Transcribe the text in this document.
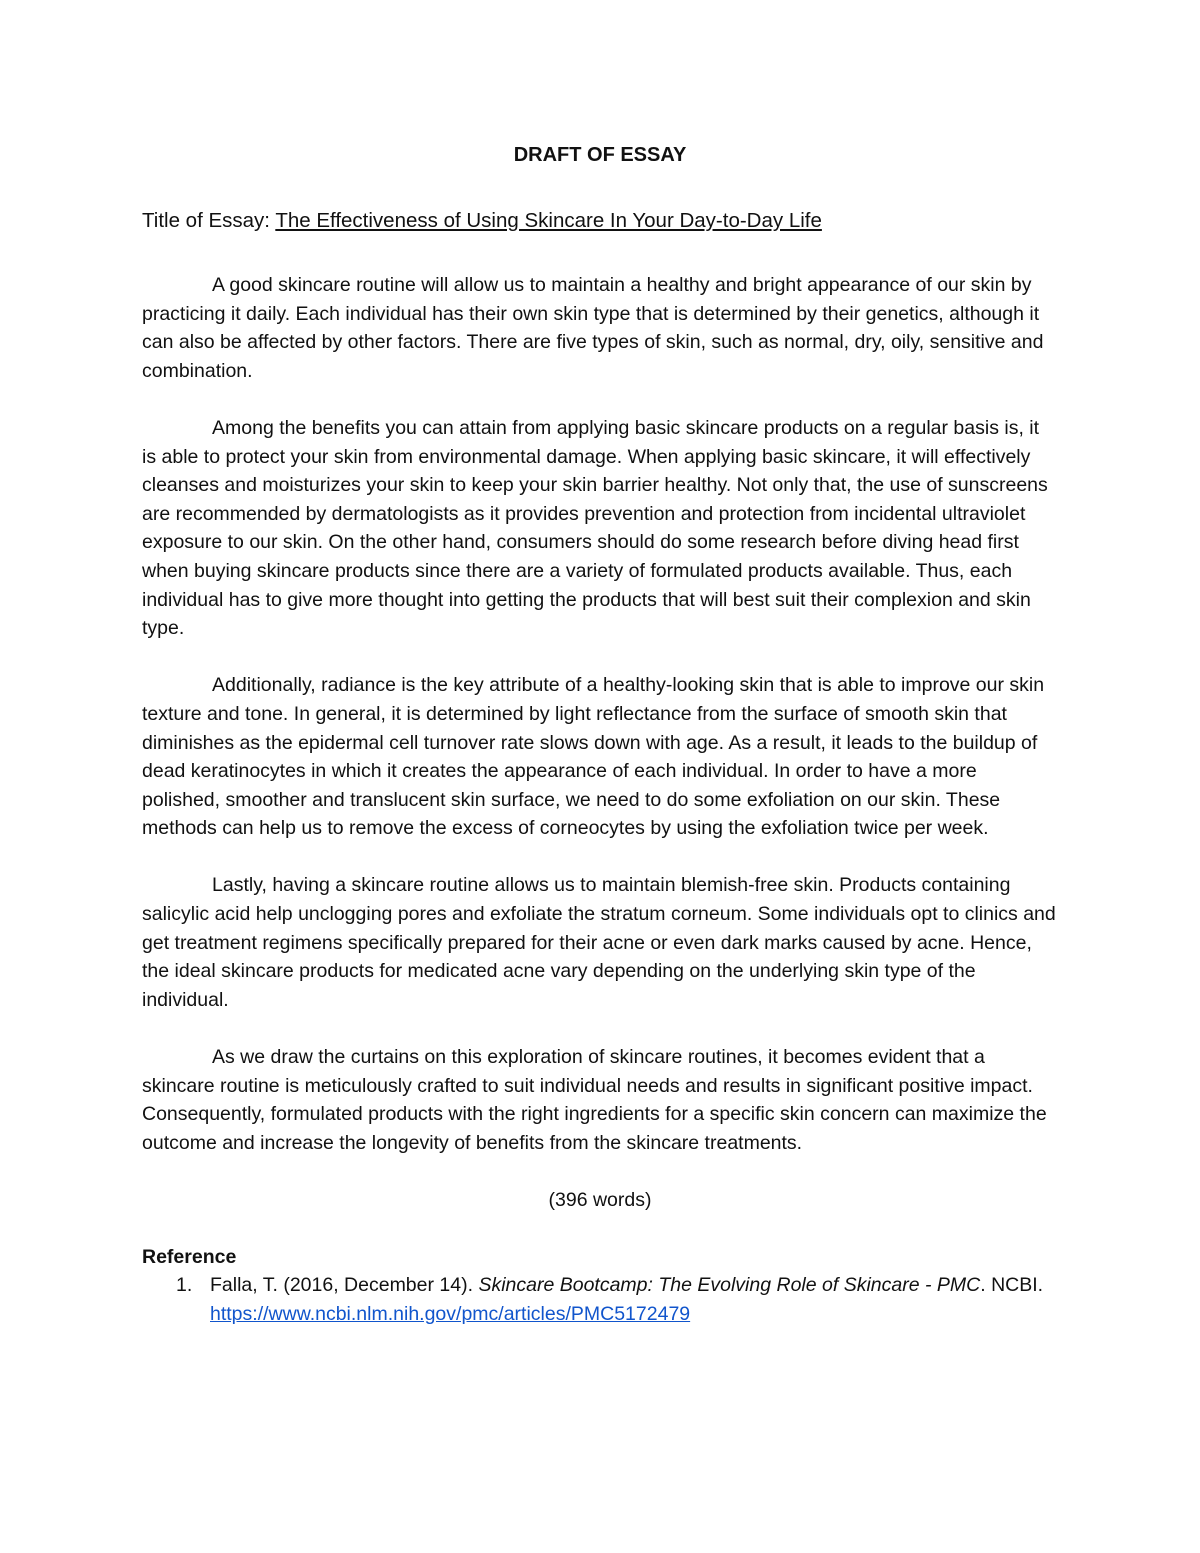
DRAFT OF ESSAY
Title of Essay: The Effectiveness of Using Skincare In Your Day-to-Day Life

A good skincare routine will allow us to maintain a healthy and bright appearance of our skin by practicing it daily. Each individual has their own skin type that is determined by their genetics, although it can also be affected by other factors. There are five types of skin, such as normal, dry, oily, sensitive and combination.

Among the benefits you can attain from applying basic skincare products on a regular basis is, it is able to protect your skin from environmental damage. When applying basic skincare, it will effectively cleanses and moisturizes your skin to keep your skin barrier healthy. Not only that, the use of sunscreens are recommended by dermatologists as it provides prevention and protection from incidental ultraviolet exposure to our skin. On the other hand, consumers should do some research before diving head first when buying skincare products since there are a variety of formulated products available. Thus, each individual has to give more thought into getting the products that will best suit their complexion and skin type.

Additionally, radiance is the key attribute of a healthy-looking skin that is able to improve our skin texture and tone. In general, it is determined by light reflectance from the surface of smooth skin that diminishes as the epidermal cell turnover rate slows down with age. As a result, it leads to the buildup of dead keratinocytes in which it creates the appearance of each individual. In order to have a more polished, smoother and translucent skin surface, we need to do some exfoliation on our skin. These methods can help us to remove the excess of corneocytes by using the exfoliation twice per week.

Lastly, having a skincare routine allows us to maintain blemish-free skin. Products containing salicylic acid help unclogging pores and exfoliate the stratum corneum. Some individuals opt to clinics and get treatment regimens specifically prepared for their acne or even dark marks caused by acne. Hence, the ideal skincare products for medicated acne vary depending on the underlying skin type of the individual.

As we draw the curtains on this exploration of skincare routines, it becomes evident that a skincare routine is meticulously crafted to suit individual needs and results in significant positive impact. Consequently, formulated products with the right ingredients for a specific skin concern can maximize the outcome and increase the longevity of benefits from the skincare treatments.

(396 words)
Reference
1. Falla, T. (2016, December 14). Skincare Bootcamp: The Evolving Role of Skincare - PMC. NCBI. https://www.ncbi.nlm.nih.gov/pmc/articles/PMC5172479
